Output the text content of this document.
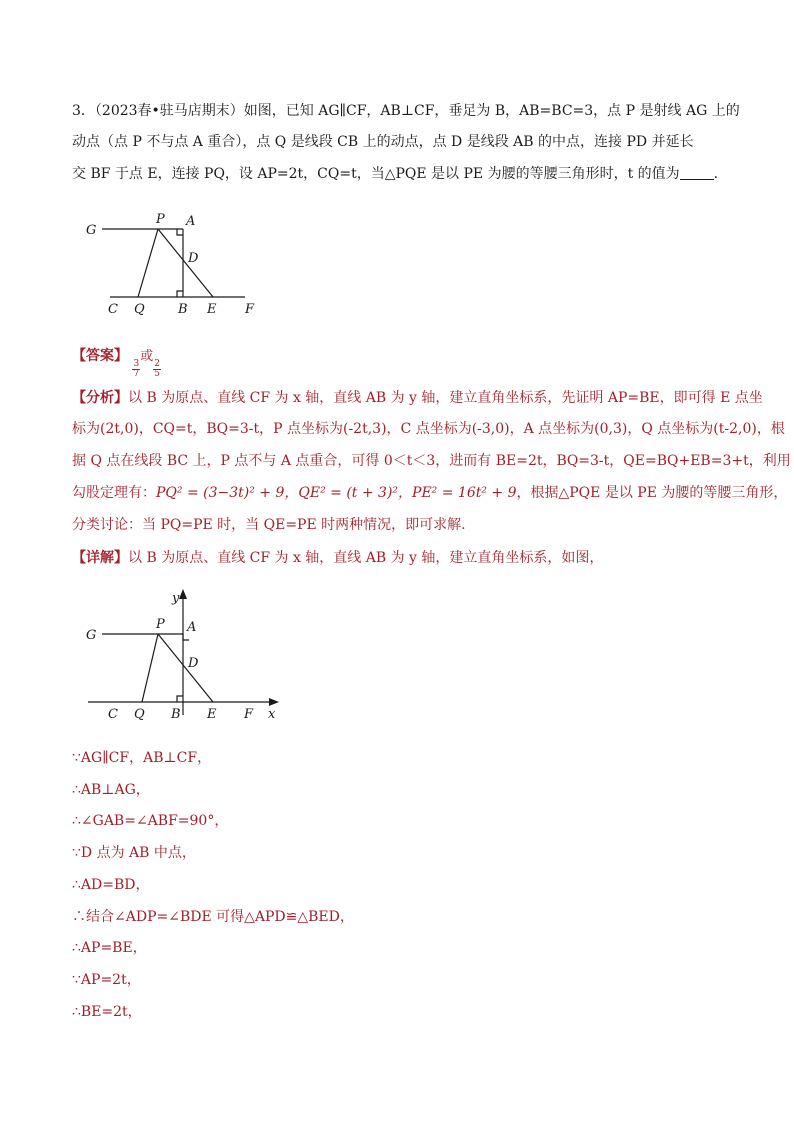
3．（2023春•驻马店期末）如图，已知 AG∥CF，AB⊥CF，垂足为 B，AB=BC=3，点 P 是射线 AG 上的
动点（点 P 不与点 A 重合），点 Q 是线段 CB 上的动点，点 D 是线段 AB 的中点，连接 PD 并延长
交 BF 于点 E，连接 PQ，设 AP=2t，CQ=t，当△PQE 是以 PE 为腰的等腰三角形时，t 的值为 .
G
P A
D
C Q	B E F
【答案】
$\frac{3}{7}$
或
$\frac{2}{5}$
【分析】以 B 为原点、直线 CF 为 x 轴，直线 AB 为 y 轴，建立直角坐标系，先证明 AP=BE，即可得 E 点坐
标为(2t,0)，CQ=t，BQ=3-t，P 点坐标为(-2t,3)，C 点坐标为(-3,0)，A 点坐标为(0,3)，Q 点坐标为(t-2,0)，根
据 Q 点在线段 BC 上，P 点不与 A 点重合，可得 0＜t＜3，进而有 BE=2t，BQ=3-t，QE=BQ+EB=3+t，利用
勾股定理有：PQ² = (3−3t)² + 9，QE² = (t + 3)²，PE² = 16t² + 9，根据△PQE 是以 PE 为腰的等腰三角形，
分类讨论：当 PQ=PE 时，当 QE=PE 时两种情况，即可求解.
【详解】以 B 为原点、直线 CF 为 x 轴，直线 AB 为 y 轴，建立直角坐标系，如图，
y
x
G
P A
D
C Q B E F
∵AG∥CF，AB⊥CF，
∴AB⊥AG，
∴∠GAB=∠ABF=90°，
∵D 点为 AB 中点，
∴AD=BD，
∴结合∠ADP=∠BDE 可得△APD≌△BED，
∴AP=BE，
∵AP=2t，
∴BE=2t，
